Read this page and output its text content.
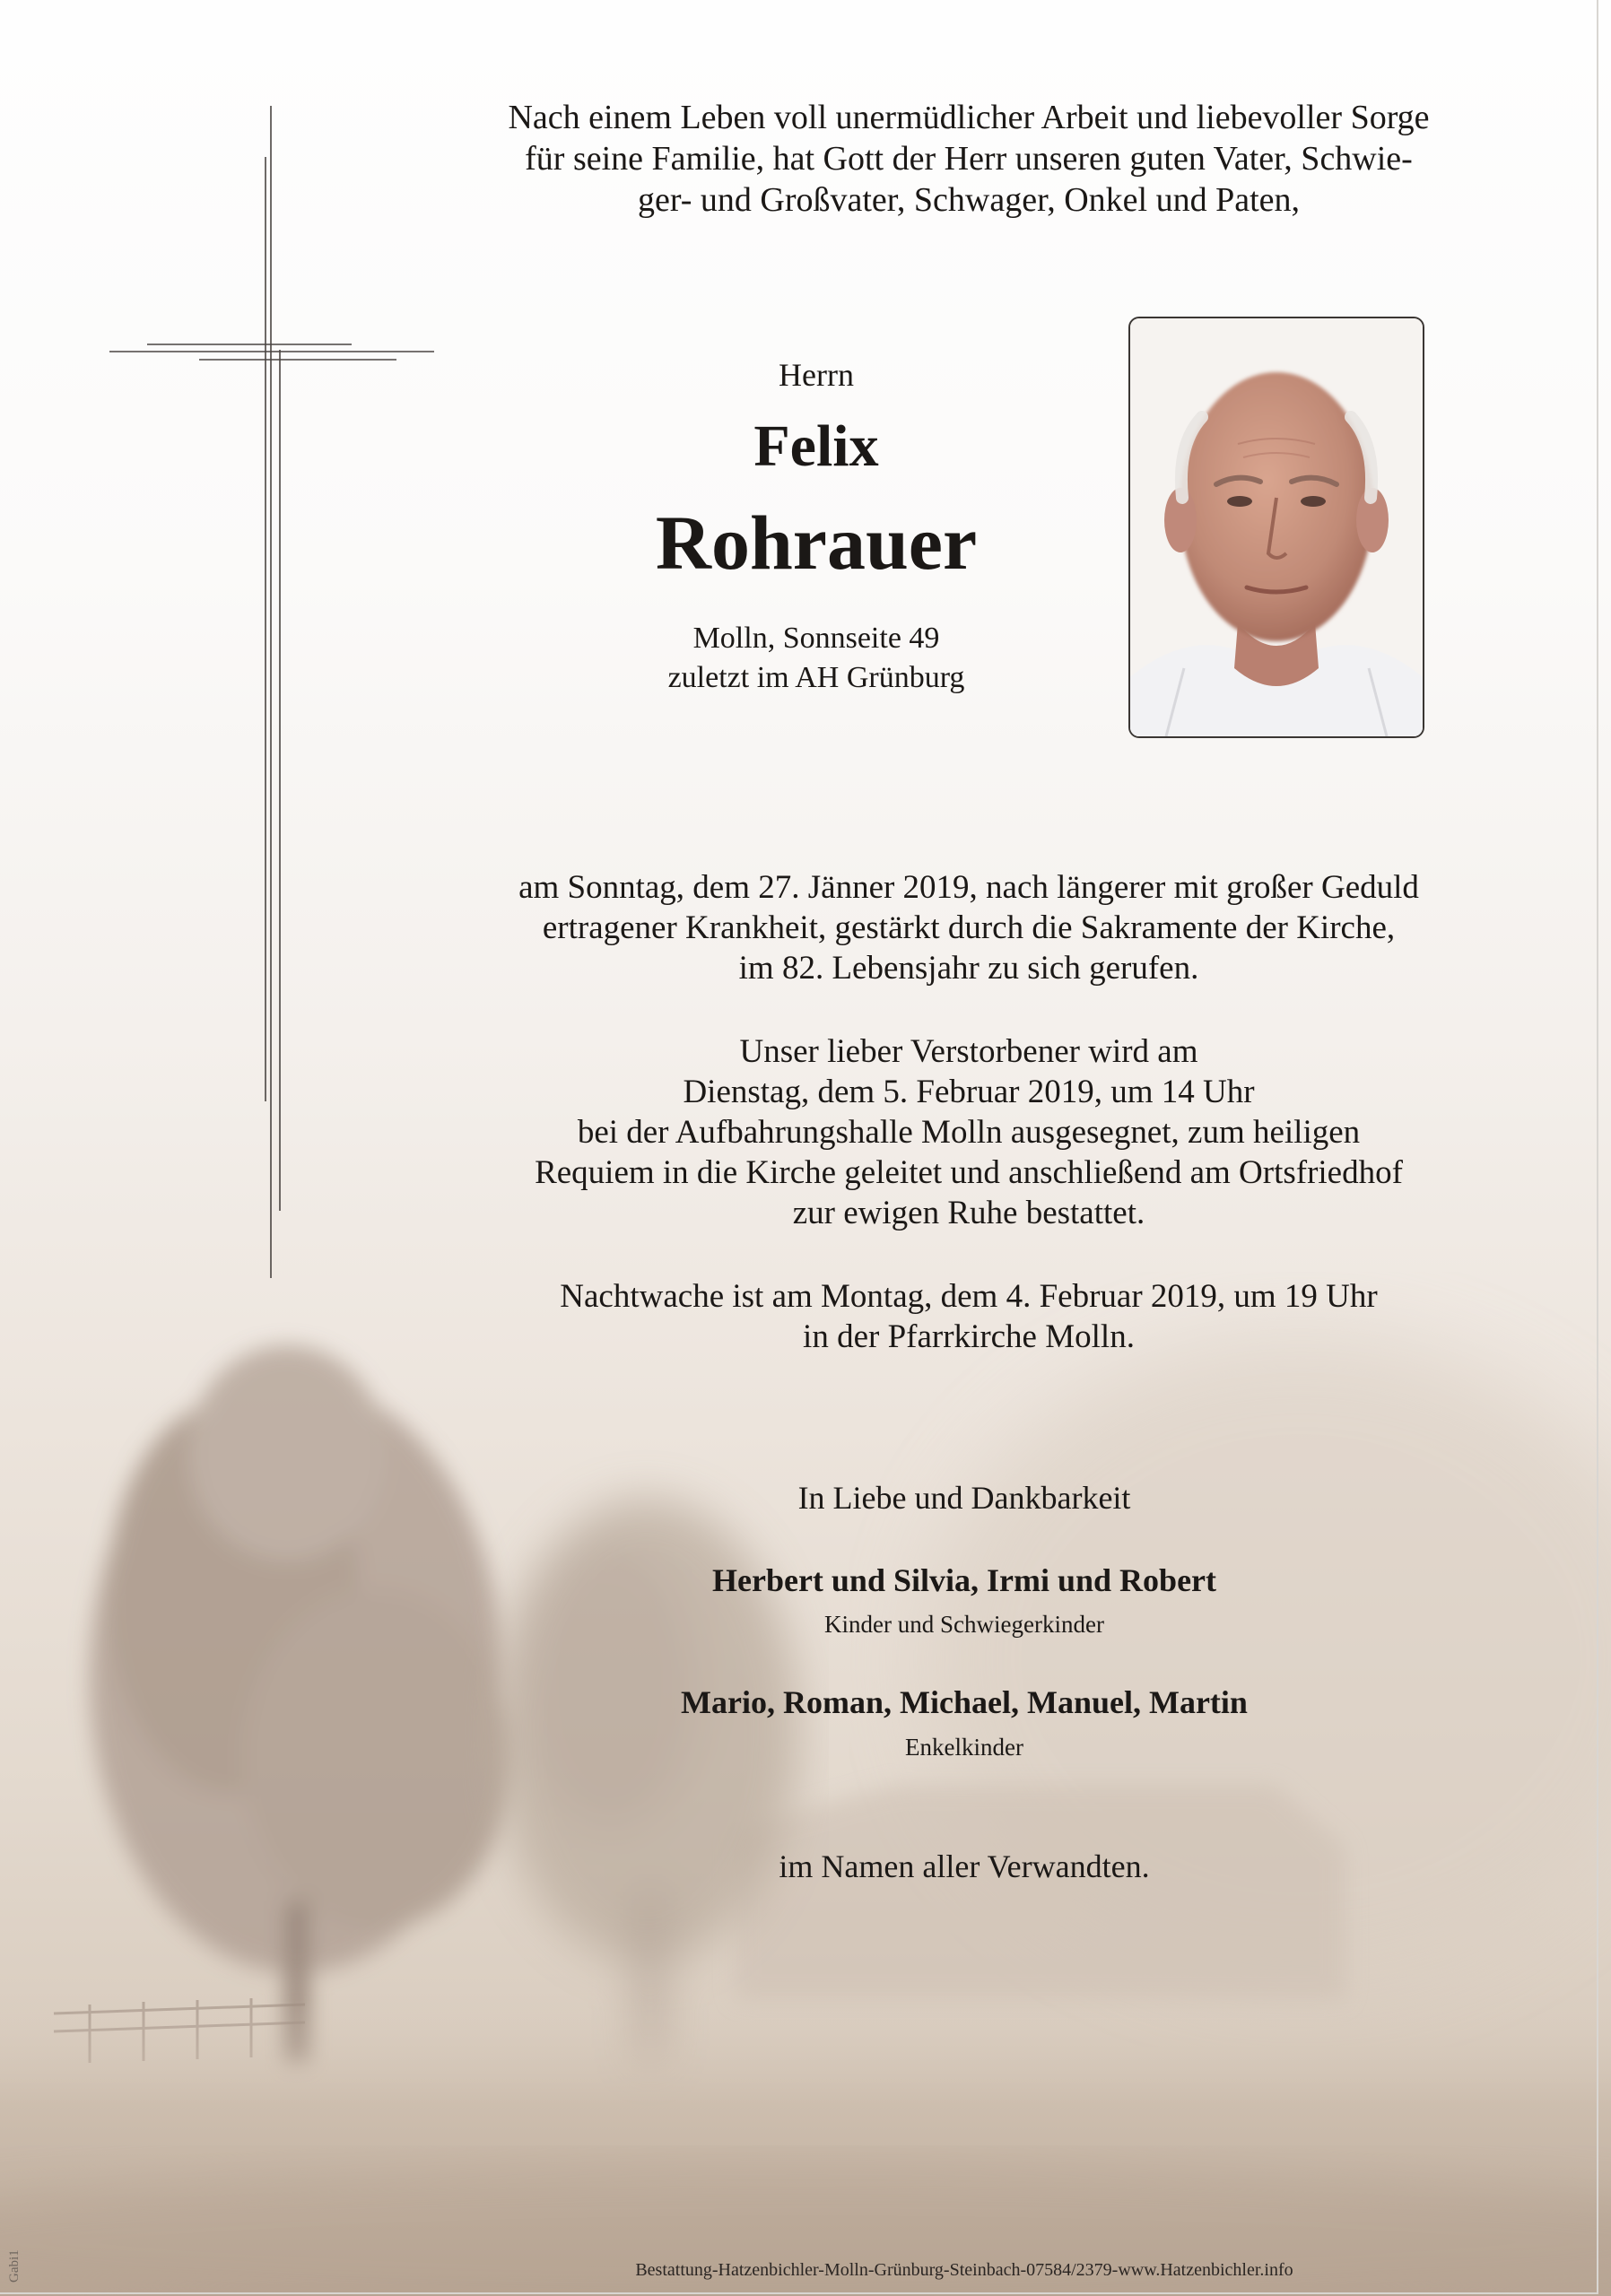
Nach einem Leben voll unermüdlicher Arbeit und liebevoller Sorge
für seine Familie, hat Gott der Herr unseren guten Vater, Schwie-
ger- und Großvater, Schwager, Onkel und Paten,
Herrn
Felix
Rohrauer
Molln, Sonnseite 49
zuletzt im AH Grünburg
am Sonntag, dem 27. Jänner 2019, nach längerer mit großer Geduld
ertragener Krankheit, gestärkt durch die Sakramente der Kirche,
im 82. Lebensjahr zu sich gerufen.
Unser lieber Verstorbener wird am
Dienstag, dem 5. Februar 2019, um 14 Uhr
bei der Aufbahrungshalle Molln ausgesegnet, zum heiligen
Requiem in die Kirche geleitet und anschließend am Ortsfriedhof
zur ewigen Ruhe bestattet.
Nachtwache ist am Montag, dem 4. Februar 2019, um 19 Uhr
in der Pfarrkirche Molln.
In Liebe und Dankbarkeit
Herbert und Silvia, Irmi und Robert
Kinder und Schwiegerkinder
Mario, Roman, Michael, Manuel, Martin
Enkelkinder
im Namen aller Verwandten.
Bestattung-Hatzenbichler-Molln-Grünburg-Steinbach-07584/2379-www.Hatzenbichler.info
Gabi1
